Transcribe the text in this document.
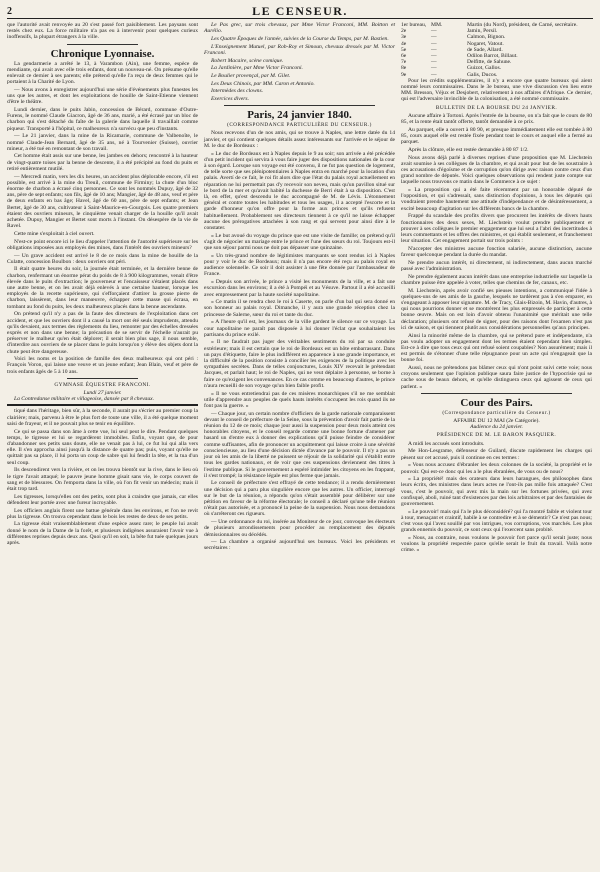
2	LE CENSEUR.

que l'autorité avait renvoyée au 20 s'est passé fort paisiblement. Les paysans sont restés chez eux. La force militaire n'a pas eu à intervenir pour quelques curieux inoffensifs, la plupart étrangers à la ville.

Chronique Lyonnaise.

La gendarmerie a arrêté le 13, à Varambon (Ain), une femme, espèce de mendiante, qui avait avec elle trois enfants, dont un nouveau-né. On présume qu'elle enlevait ce dernier à ses parents; elle prétend qu'elle l'a reçu de deux femmes qui le portaient à la Charité de Lyon.

— Nous avons à enregistrer aujourd'hui une série d'événements plus funestes les uns que les autres, et dont les exploitations de houille de Saint-Etienne viennent d'être le théâtre.

Lundi dernier, dans le puits Jabin, concession de Bérard, commune d'Outre-Furens, le nommé Claude Giacron, âgé de 36 ans, marié, a été écrasé par un bloc de charbon qui s'est détaché du faîte de la galerie dans laquelle il travaillait comme piqueur. Transporté à l'hôpital, ce malheureux n'a survécu que peu d'instants.

— Le 21 janvier, dans la mine de la Ricamarie, commune de Valbenoîte, le nommé Claude-Jean Bernard, âgé de 35 ans, né à Tourvenier (Suisse), ouvrier mineur, a été tué en remontant de son travail.

Cet homme était assis sur une benne, les jambes en dehors; rencontré à la hauteur de vingt-quatre toises par la benne de descente, il a été précipité au fond du puits et retiré entièrement mutilé.

— Mercredi matin, vers les dix heures, un accident plus déplorable encore, s'il est possible, est arrivé à la mine du Treuil, commune de Firminy; la chute d'un bloc énorme de charbon a écrasé cinq personnes. Ce sont les nommés Dupuy, âgé de 32 ans, père de sept enfants; son fils, âgé de 10 ans; Mangier, âgé de 48 ans, veuf et père de deux enfants en bas âge; Havel, âgé de 60 ans, père de sept enfants; et Jean Bertet, âgé de 30 ans, cultivateur à Saint-Maurice-en-Gourgois. Les quatre premiers étaient des ouvriers mineurs, le cinquième venait charger de la houille qu'il avait achetée. Dupuy, Mangier et Bertet sont morts à l'instant. On désespère de la vie de Ravel.

Cette mine s'exploitait à ciel ouvert.

N'est-ce point encore ici le lieu d'appeler l'attention de l'autorité supérieure sur les obligations imposées aux employés des mines, dans l'intérêt des ouvriers mineurs?

— Un grave accident est arrivé le 8 de ce mois dans la mine de houille de la Culatte, concession Boulbon : deux ouvriers ont péri.

Il était quatre heures du soir, la journée était terminée, et la dernière benne de charbon, renfermant un énorme pérat du poids de 8 à 900 kilogrammes, venait d'être élevée dans le puits d'extraction; le gouverneur et l'encaisseur s'étaient placés dans une autre benne, et on les avait déjà enlevés à une certaine hauteur, lorsque les employés de la recette supérieure, qui s'efforçaient d'attirer la grosse pierre de charbon, laissèrent, dans leur manœuvre, échapper cette masse qui écrasa, en tombant au fond du puits, les deux malheureux placés dans la benne ascendante.

On prétend qu'il n'y a pas de la faute des directeurs de l'exploitation dans cet accident, et que les ouvriers dont il a causé la mort ont été seuls imprudents, attendu qu'ils devaient, aux termes des règlements du lieu, remonter par des échelles dressées exprès et non dans une benne; la précaution de se servir de l'échelle n'aurait pu préserver le malheur qu'en était déplorer; il serait bien plus sage, il nous semble, d'interdire aux ouvriers de se placer dans le puits lorsqu'on y élève des objets dont la chute peut être dangereuse.

Voici les noms et la position de famille des deux malheureux qui ont péri : François Voron, qui laisse une veuve et un jeune enfant; Jean Blain, veuf et père de trois enfants âgés de 5 à 10 ans.

GYMNASE ÉQUESTRE FRANCONI.
Lundi 27 janvier.

La Contredanse militaire et villageoise, dansée par 8 chevaux.

tiqué dans l'héritage, bien sûr, à la seconde, il aurait pu s'écrier au premier coup la clairière; mais, parvenu à être le plus fort de toute une ville, il a été quelque moment saisi de frayeur, et il ne pouvait plus se tenir en équilibre.

Ce qui se passa dans son âme à cette vue, lui seul peut le dire. Pendant quelques temps, le tigresse et lui se regardèrent immobiles. Enfin, voyant que, de pour d'abandonner ses petits sans doute, elle ne venait pas à lui, ce fut lui qui alla vers elle. Il s'en approcha ainsi jusqu'à la distance de quatre pas; puis, voyant qu'elle ne quittait pas sa place, il lui porta un coup de sabre qui lui fendit la tête, et la tua d'un seul coup.

Ils descendirent vers la rivière, et on les trouva bientôt sur la rive, dans le lieu où le tigre l'avait attaqué; le pauvre jeune homme gisait sans vie, le corps couvert de sang et de blessures. On l'emporta dans la ville, où l'on fit venir un médecin; mais il était trop tard.

Les tigresses, lorsqu'elles ont des petits, sont plus à craindre que jamais, car elles défendent leur portée avec une fureur incroyable.

Les officiers anglais firent une battue générale dans les environs, et l'on ne revit plus la tigresse. On trouva cependant dans le bois les restes de deux de ses petits.

La tigresse était vraisemblablement d'une espèce assez rare; le peuple lui avait donné le nom de la Dame de la forêt, et plusieurs indigènes assuraient l'avoir vue à différentes reprises depuis deux ans. Quoi qu'il en soit, la bête fut tuée quelques jours après.

Le Pas grec, sur trois chevaux, par Mme Victor Franconi, MM. Boitton et Aurélio.

Les Quatre Époques de l'année, suivies de la Course du Temps, par M. Bastien.

L'Enseignement Mutuel, par Rob-Roy et Simoun, chevaux dressés par M. Victor Franconi.

Robert Macaire, scène comique.

La Jardinière, par Mme Victor Franconi.

Le Boulier provençal, par M. Gilet.

Les Deux Chinois, par MM. Caron et Antonio.

Intermèdes des clowns.

Exercices divers.

Paris, 24 janvier 1840.
(CORRESPONDANCE PARTICULIÈRE DU CENSEUR.)

Nous recevons d'un de nos amis, qui se trouve à Naples, une lettre datée du 14 janvier, et qui contient quelques détails assez intéressants sur l'arrivée et le séjour de M. le duc de Bordeaux :

« Le duc de Bordeaux est à Naples depuis le 9 au soir; son arrivée a été précédée d'un petit incident qui servira à vous faire juger des dispositions nationales de la cour à son égard. Lorsque son voyage eut été convenu, il ne fut pas question de logement, de telle sorte que ses plénipotentiaires à Naples entra en marché pour la location d'un palais. Avertí de ce fait, le roi fit alors dire que l'état du palais royal actuellement en réparation ne lui permettait pas d'y recevoir son neveu, mais qu'un pavillon situé sur le bord de la mer et qu'avait habité la duchesse de Berri était à sa disposition. C'est là, en effet, qu'est descendu le duc accompagné de M. de Lévis. L'étonnement général et contre toutes les habitudes et tous les usages, il a accepté l'escorte et la garde d'honneur qu'on offre pour la forme aux princes et qu'ils refusent habituellement. Probablement ses directeurs tiennent à ce qu'il ne laisse échapper aucune des prérogatives attachées à son rang et qui servent pour ainsi dire à le constater.

« Le but avoué du voyage du prince que est une visite de famille; on prétend qu'il s'agit de négocier un mariage entre le prince et l'une des sœurs du roi. Toujours est-il que son séjour parmi nous ne doit pas dépasser une quinzaine.

« Un très-grand nombre de légitimistes marquants se sont rendus ici à Naples pour y voir le duc de Bordeaux; mais il n'a pas encore été reçu au palais royal en audience solennelle. Ce soir il doit assister à une fête donnée par l'ambassadeur de France.

« Depuis son arrivée, le prince a visité les monuments de la ville, et a fait une excursion dans les environs; il a été à Pompéi et au Vésuve. Partout il a été accueilli avec empressement par la haute société napolitaine.

« Ce matin il se rendra chez le roi à Caserte, on parle d'un bal qui sera donné en son honneur au palais royal. Dimanche, il y aura une grande réception chez la princesse de Salerne, sœur du roi et tante du duc.

« A l'heure qu'il est, les journaux de la ville gardent le silence sur ce voyage. La cour napolitaine ne paraît pas disposée à lui donner l'éclat que souhaitaient les partisans du prince exilé.

« Il ne faudrait pas juger des véritables sentiments du roi par sa conduite extérieure; mais il est certain que le roi de Bordeaux est un hôte embarrassant. Dans un pays d'étiquette, faire le plus indifférent en apparence à une grande importance, et la difficulté de la position consiste à concilier les exigences de la politique avec les sympathies secrètes. Dans de telles conjonctures, Louis XIV recevait le prétendant Jacques, et parlait haut; le roi de Naples, qui ne veut déplaire à personne, se borne à faire ce qu'exigent les convenances. En ce cas comme en beaucoup d'autres, le prince n'aura recueilli de son voyage qu'un bien faible profit.

« Il ne vous entretiendrai pas de ces misères monarchiques s'il ne me semblait utile d'apprendre aux peuples de quels hauts intérêts s'occupent les rois quand ils ne font pas la guerre. »

— Chaque jour, un certain nombre d'officiers de la garde nationale comparaissent devant le conseil de préfecture de la Seine, sous la prévention d'avoir fait partie de la réunion du 12 de ce mois; chaque jour aussi la suspension pour deux mois atteint ces honorables citoyens, et le conseil regarde comme une bonne fortune d'amener par hasard un d'entre eux à donner des explications qu'il puisse feindre de considérer comme suffisantes, afin de prononcer un acquittement qui laisse croire à une sévérité consciencieuse, au lieu d'une décision dictée d'avance par le pouvoir. Il n'y a pas un jour où les amis de la liberté ne puissent se réjouir de la solidarité qui s'établit entre tous les gardes nationaux, et de voir que ces suspensions deviennent des titres à l'estime publique. Si le gouvernement a espéré intimider les citoyens en les frappant, il s'est trompé; la résistance légale est plus ferme que jamais.

Le conseil de préfecture s'est effrayé de cette tendance; il a rendu dernièrement une décision qui a paru plus singulière encore que les autres. Un officier, interrogé sur le but de la réunion, a répondu qu'on s'était assemblé pour délibérer sur une pétition en faveur de la réforme électorale; le conseil a déclaré qu'une telle réunion n'était pas autorisée, et a prononcé la peine de la suspension. Nous nous demandons où s'arrêteront ces rigueurs.

— Une ordonnance du roi, insérée au Moniteur de ce jour, convoque les électeurs de plusieurs arrondissements pour procéder au remplacement des députés démissionnaires ou décédés.

— La chambre a organisé aujourd'hui ses bureaux. Voici les présidents et secrétaires :

1er bureau, MM.	Martin (du Nord), président, de Carné, secrétaire.
2e	—	Jamin, Persil.
3e	—	Calmon, Bignon.
4e	—	Nogaret, Vatout.
5e	—	de Sade, Allard.
6e	—	Odilon Barrot, Billaut.
7e	—	Delfitte, de Sahune.
8e	—	Guizot, Gallos.
9e	—	Galis, Ducos.

Pour les crédits supplémentaires, il n'y a encore que quatre bureaux qui aient nommé leurs commissaires. Dans le 3e bureau, une vive discussion s'en lieu entre MM. Bresson, Véjux et Desjobert, relativement à nos affaires d'Afrique. Ce dernier, qui est l'adversaire invincible de la colonisation, a été nommé commissaire.

BULLETIN DE LA BOURSE DU 24 JANVIER.

Aucune affaire à Tortoni. Après l'entrée de la bourse, on n'a fait que le cours de 80 85, et la rente était tantôt offerte, tantôt demandée à ce prix.

Au parquet, elle a ouvert à 80 90, et presque immédiatement elle est tombée à 80 85, cours auquel elle est restée fixée pendant tout le cours et auquel elle a fermé au parquet.

Après la clôture, elle est restée demandée à 80 87 1/2.

Nous avons déjà parlé à diverses reprises d'une proposition que M. Liechstein avait soumise à ses collègues de la chambre, et qui avait pour but de les soustraire à ces accusations d'égoïsme et de corruption qu'on dirige avec raison contre ceux d'un grand nombre de députés. Voici quelques observations qui rendent juste compte sur laquelle nous trouvons ce matin dans le Commerce à ce sujet :

« La proposition qui a été faite récemment par un honorable député de l'opposition, et qui s'adressait, sans distinction d'opinions, à tous les députés qui voudraient prendre hautement une attitude d'indépendance et de désintéressement, a excité beaucoup d'agitation sur les différents bancs de la chambre.

Frappé du scandale des profits divers que procurent les intérêts de divers hauts fonctionnaires des deux sexes, M. Liechstein voulut prendre publiquement et prouver à ses collègues le premier engagement que lui seul a l'abri des incertitudes à leurs commettants et les offres des ministres, et qui établit seulement, et franchement leur situation. Cet engagement portait sur trois points :

N'accepter des ministres aucune fonction salariée, aucune distinction, aucune faveur quelconque pendant la durée du mandat.

Ne prendre aucun intérêt, ni directement, ni indirectement, dans aucun marché passé avec l'administration.

Ne prendre également aucun intérêt dans une entreprise industrielle sur laquelle la chambre puisse être appelée à voter, telles que chemins de fer, canaux, etc.

M. Liechstein, après avoir confié ses pieuses intentions, a communiqué l'idée à quelques-uns de ses amis de la gauche, lesquels ne tardèrent pas à s'en emparer, en s'engageant à apposer leur signature. M. de Tracy, Glais-Bizoin, M. Havin, d'autres, à qui nous pourrions donner et se montrèrent les plus empressés de participer à cette bonne œuvre. Mais on est loin d'avoir obtenu l'unanimité que méritait une telle déclaration; plusieurs ont refusé de signer, pour des raisons dont l'examen n'est pas ici de saison, et qui tiennent plutôt aux considérations personnelles qu'aux principes.

Ainsi la minorité même de la chambre, qui se prétend pure et indépendante, n'a pas voulu adopter un engagement dont les termes étaient cependant bien simples. Est-ce à dire que tous ceux qui ont refusé soient coupables? Non assurément; mais il est permis de s'étonner d'une telle répugnance pour un acte qui n'engageait que la bonne foi.

Aussi, nous ne prétendons pas blâmer ceux qui n'ont point suivi cette voie; nous croyons seulement que l'opinion publique saura faire justice de l'hypocrisie qui se cache sous de beaux dehors, et qu'elle distinguera ceux qui agissent de ceux qui parlent. »

Cour des Pairs.
(Correspondance particulière du Censeur.)
AFFAIRE DU 12 MAI (2e Catégorie).
Audience du 24 janvier.
PRÉSIDENCE DE M. LE BARON PASQUIER.

A midi les accusés sont introduits.

Me Hon-Lesgrame, défenseur de Guilard, discute rapidement les charges qui pèsent sur cet accusé, puis il continue en ces termes :

« Vous nous accusez d'ébranler les deux colonnes de la société, la propriété et le pouvoir. Qui est-ce donc qui les a le plus ébranlées, de vous ou de nous?

« La propriété! mais des orateurs dans leurs harangues, des philosophes dans leurs écrits, des ministres dans leurs actes ne l'ont-ils pas mille fois attaquée? C'est vous, c'est le pouvoir, qui avez mis la main sur les fortunes privées, qui avez confisqué, aboli, ruiné tant d'existences par des lois arbitraires et par des fantaisies de gouvernement.

« Le pouvoir! mais qui l'a le plus déconsidéré? qui l'a montré faible et violent tour à tour, menaçant et craintif, habile à se contredire et à se démentir? Ce n'est pas nous; c'est vous qui l'avez souillé par vos intrigues, vos corruptions, vos marchés. Les plus grands ennemis du pouvoir, ce sont ceux qui l'exercent sans probité.

« Nous, au contraire, nous voulons le pouvoir fort parce qu'il serait juste; nous voulons la propriété respectée parce qu'elle serait le fruit du travail. Voilà notre crime. »
